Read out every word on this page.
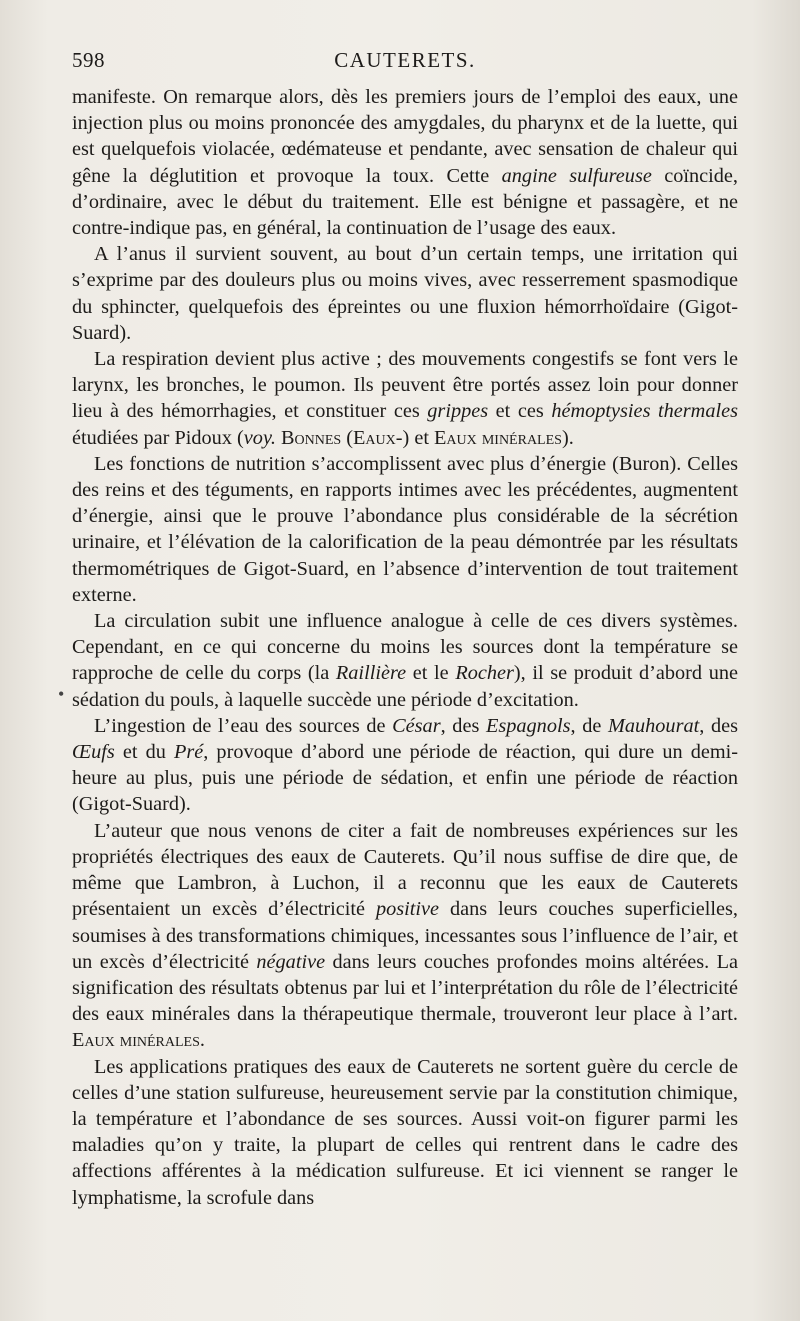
598	CAUTERETS.
•

manifeste. On remarque alors, dès les premiers jours de l’emploi des eaux, une injection plus ou moins prononcée des amygdales, du pharynx et de la luette, qui est quelquefois violacée, œdémateuse et pendante, avec sensation de chaleur qui gêne la déglutition et provoque la toux. Cette angine sulfureuse coïncide, d’ordinaire, avec le début du traitement. Elle est bénigne et passagère, et ne contre-indique pas, en général, la continuation de l’usage des eaux.

A l’anus il survient souvent, au bout d’un certain temps, une irritation qui s’exprime par des douleurs plus ou moins vives, avec resserrement spasmodique du sphincter, quelquefois des épreintes ou une fluxion hémorrhoïdaire (Gigot-Suard).

La respiration devient plus active ; des mouvements congestifs se font vers le larynx, les bronches, le poumon. Ils peuvent être portés assez loin pour donner lieu à des hémorrhagies, et constituer ces grippes et ces hémoptysies thermales étudiées par Pidoux (voy. Bonnes (Eaux-) et Eaux minérales).

Les fonctions de nutrition s’accomplissent avec plus d’énergie (Buron). Celles des reins et des téguments, en rapports intimes avec les précédentes, augmentent d’énergie, ainsi que le prouve l’abondance plus considérable de la sécrétion urinaire, et l’élévation de la calorification de la peau démontrée par les résultats thermométriques de Gigot-Suard, en l’absence d’intervention de tout traitement externe.

La circulation subit une influence analogue à celle de ces divers systèmes. Cependant, en ce qui concerne du moins les sources dont la température se rapproche de celle du corps (la Raillière et le Rocher), il se produit d’abord une sédation du pouls, à laquelle succède une période d’excitation.

L’ingestion de l’eau des sources de César, des Espagnols, de Mauhourat, des Œufs et du Pré, provoque d’abord une période de réaction, qui dure un demi-heure au plus, puis une période de sédation, et enfin une période de réaction (Gigot-Suard).

L’auteur que nous venons de citer a fait de nombreuses expériences sur les propriétés électriques des eaux de Cauterets. Qu’il nous suffise de dire que, de même que Lambron, à Luchon, il a reconnu que les eaux de Cauterets présentaient un excès d’électricité positive dans leurs couches superficielles, soumises à des transformations chimiques, incessantes sous l’influence de l’air, et un excès d’électricité négative dans leurs couches profondes moins altérées. La signification des résultats obtenus par lui et l’interprétation du rôle de l’électricité des eaux minérales dans la thérapeutique thermale, trouveront leur place à l’art. Eaux minérales.

Les applications pratiques des eaux de Cauterets ne sortent guère du cercle de celles d’une station sulfureuse, heureusement servie par la constitution chimique, la température et l’abondance de ses sources. Aussi voit-on figurer parmi les maladies qu’on y traite, la plupart de celles qui rentrent dans le cadre des affections afférentes à la médication sulfureuse. Et ici viennent se ranger le lymphatisme, la scrofule dans
